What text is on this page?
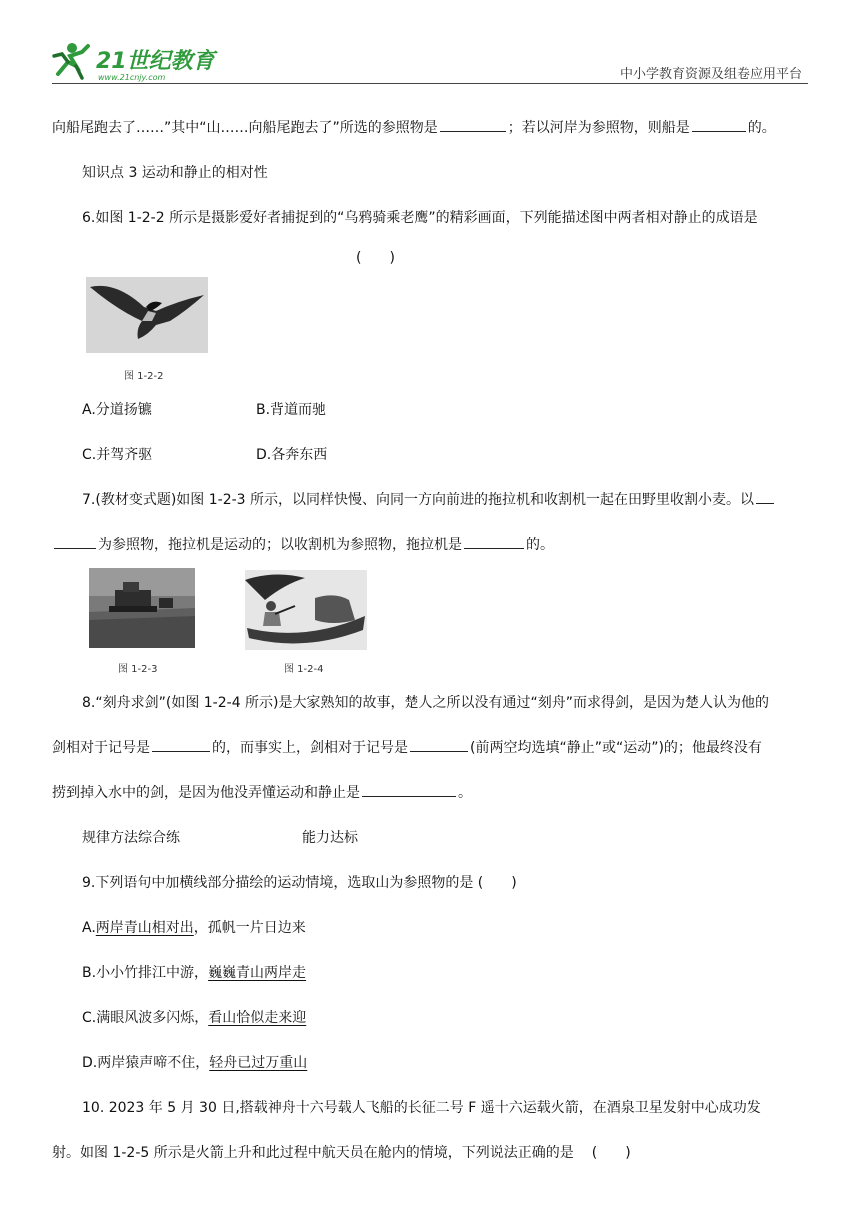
21世纪教育
www.21cnjy.com	中小学教育资源及组卷应用平台
向船尾跑去了……”其中“山……向船尾跑去了”所选的参照物是	；若以河岸为参照物，则船是	的。
知识点 3 运动和静止的相对性
6.如图 1-2-2 所示是摄影爱好者捕捉到的“乌鸦骑乘老鹰”的精彩画面，下列能描述图中两者相对静止的成语是
(　　)
图 1-2-2
A.分道扬镳	B.背道而驰
C.并驾齐驱	D.各奔东西
7.(教材变式题)如图 1-2-3 所示，以同样快慢、向同一方向前进的拖拉机和收割机一起在田野里收割小麦。以
为参照物，拖拉机是运动的；以收割机为参照物，拖拉机是	的。
图 1-2-3	图 1-2-4
8.“刻舟求剑”(如图 1-2-4 所示)是大家熟知的故事，楚人之所以没有通过“刻舟”而求得剑，是因为楚人认为他的
剑相对于记号是	的，而事实上，剑相对于记号是	(前两空均选填“静止”或“运动”)的；他最终没有
捞到掉入水中的剑，是因为他没弄懂运动和静止是	。
规律方法综合练	能力达标
9.下列语句中加横线部分描绘的运动情境，选取山为参照物的是 (　　)
A.两岸青山相对出，孤帆一片日边来
B.小小竹排江中游，巍巍青山两岸走
C.满眼风波多闪烁，看山恰似走来迎
D.两岸猿声啼不住，轻舟已过万重山
10. 2023 年 5 月 30 日,搭载神舟十六号载人飞船的长征二号 F 遥十六运载火箭，在酒泉卫星发射中心成功发
射。如图 1-2-5 所示是火箭上升和此过程中航天员在舱内的情境，下列说法正确的是 (　　)
